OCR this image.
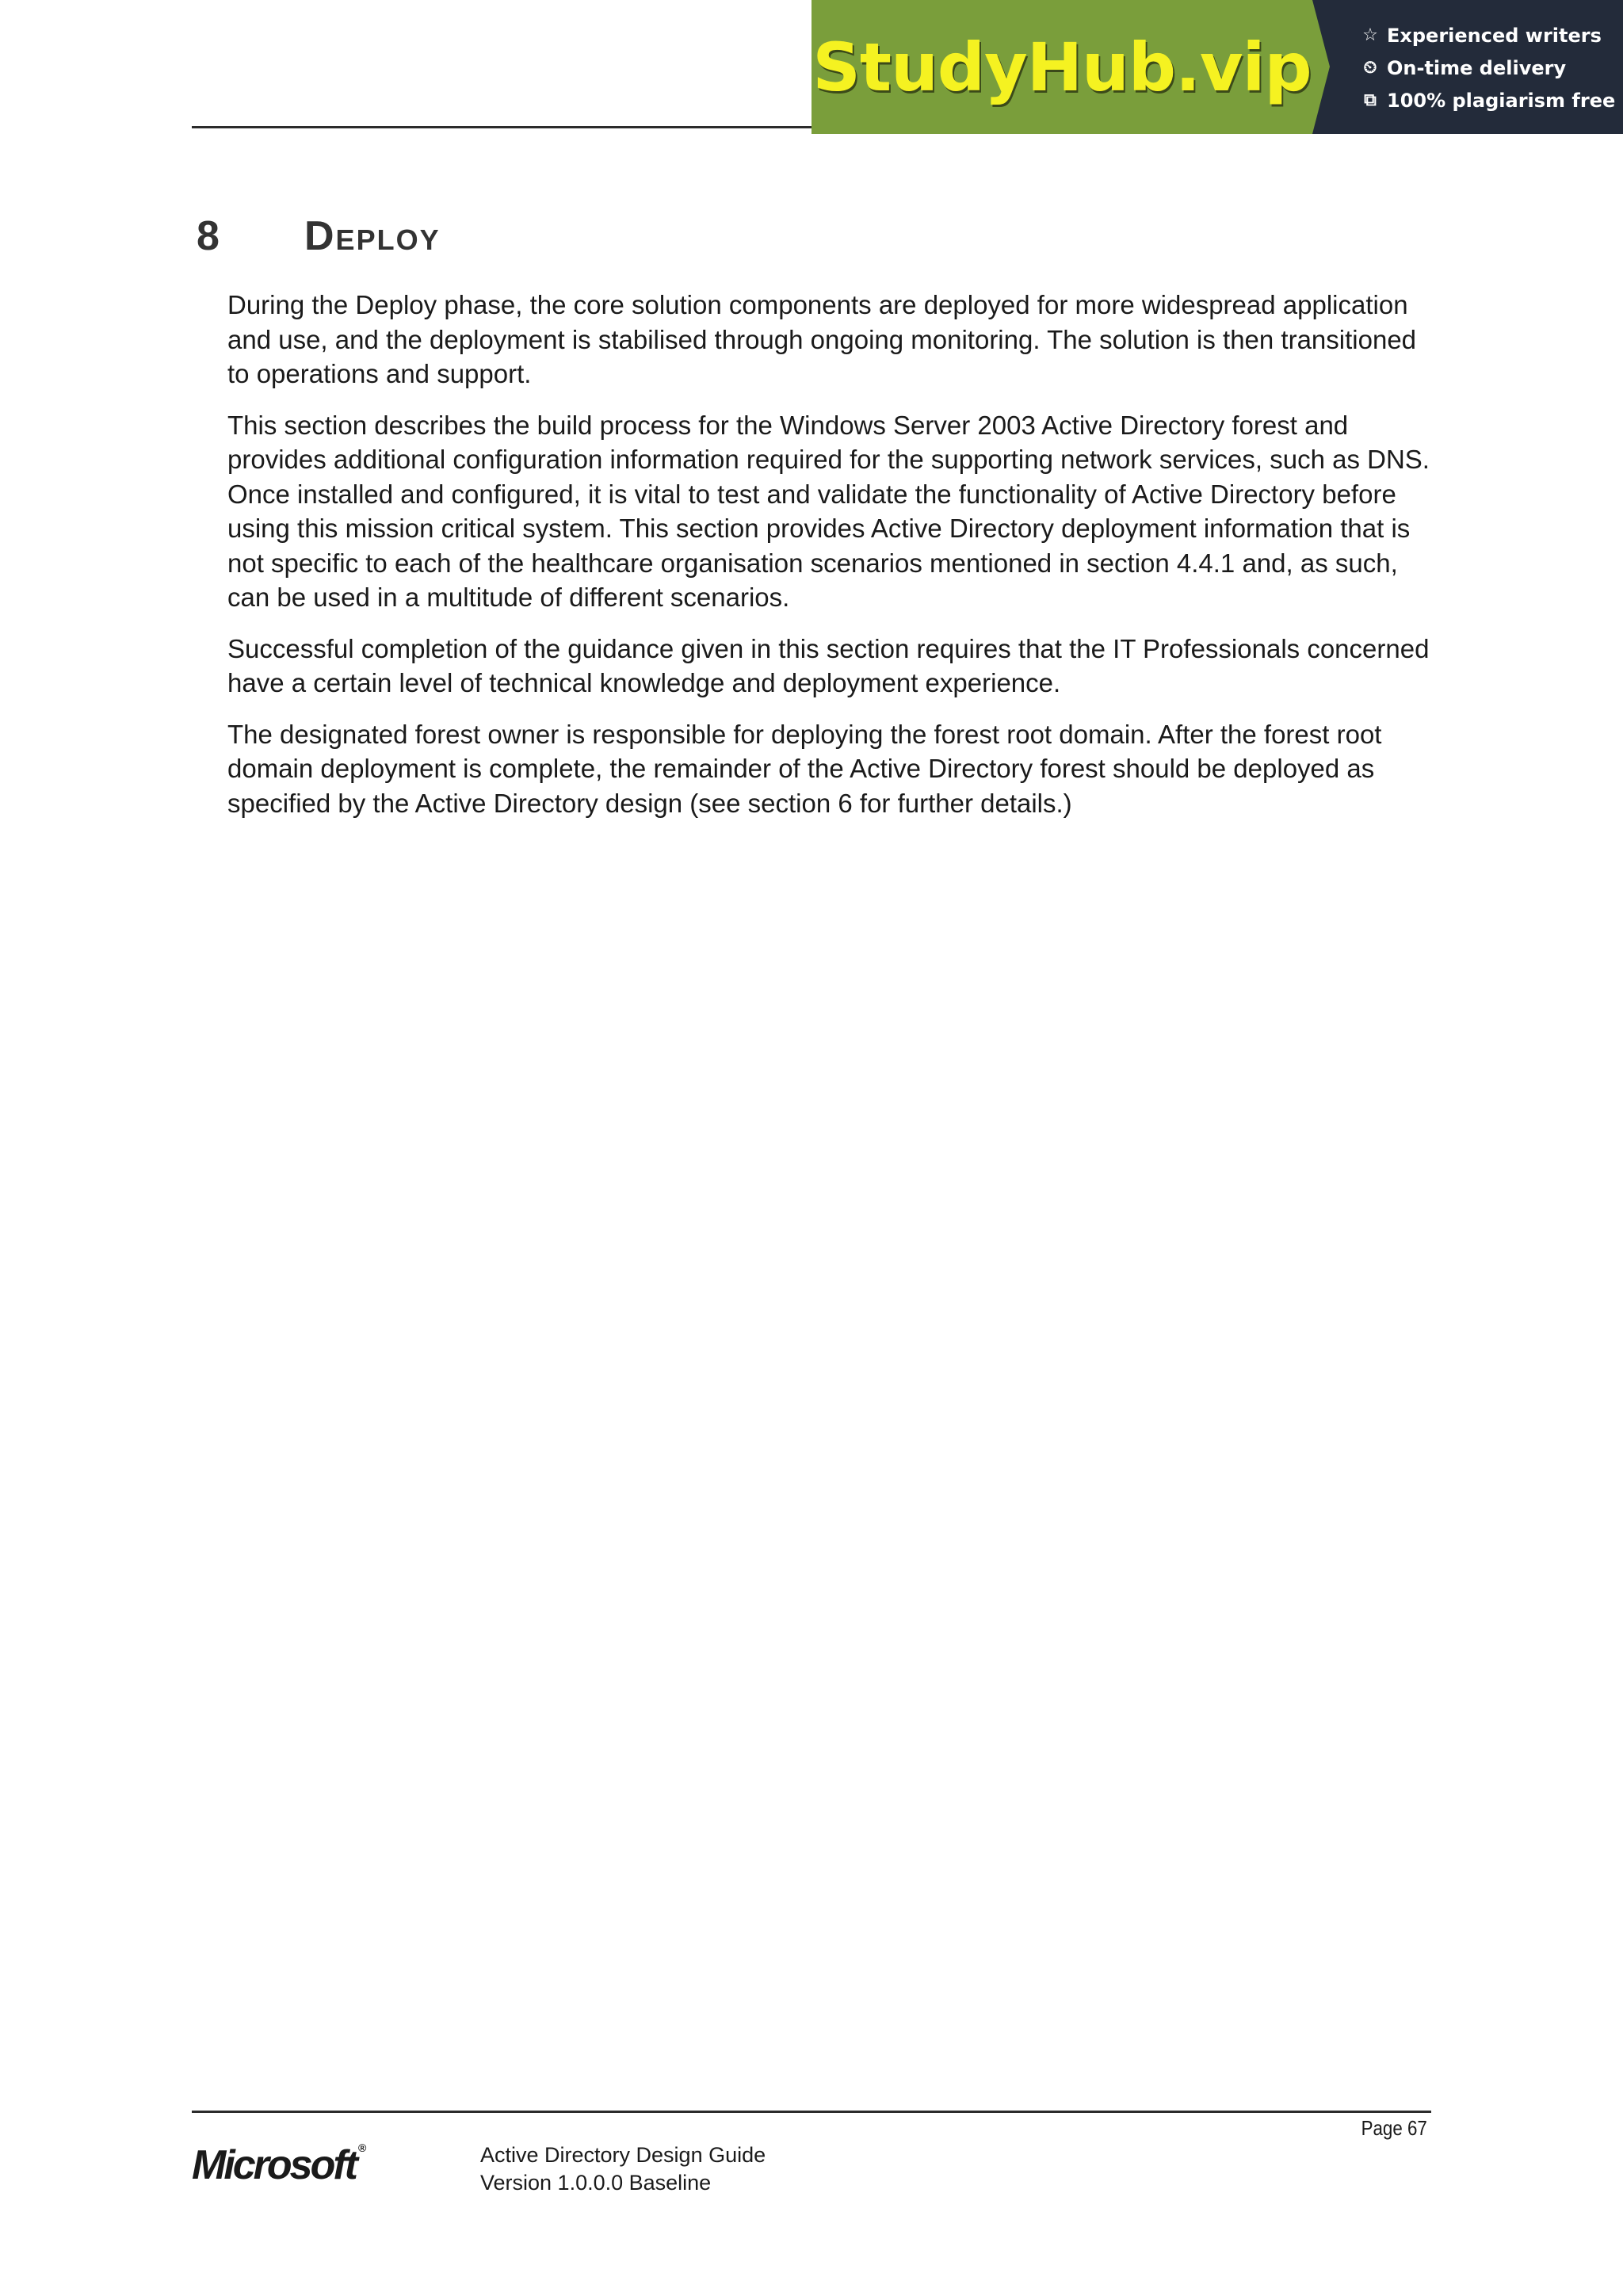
StudyHub.vip	☆ Experienced writers
⏲ On-time delivery
⧉ 100% plagiarism free
8	Deploy

During the Deploy phase, the core solution components are deployed for more widespread application and use, and the deployment is stabilised through ongoing monitoring. The solution is then transitioned to operations and support.

This section describes the build process for the Windows Server 2003 Active Directory forest and provides additional configuration information required for the supporting network services, such as DNS. Once installed and configured, it is vital to test and validate the functionality of Active Directory before using this mission critical system. This section provides Active Directory deployment information that is not specific to each of the healthcare organisation scenarios mentioned in section 4.4.1 and, as such, can be used in a multitude of different scenarios.

Successful completion of the guidance given in this section requires that the IT Professionals concerned have a certain level of technical knowledge and deployment experience.

The designated forest owner is responsible for deploying the forest root domain. After the forest root domain deployment is complete, the remainder of the Active Directory forest should be deployed as specified by the Active Directory design (see section 6 for further details.)

Page 67
Microsoft ®	Active Directory Design Guide
Version 1.0.0.0 Baseline
